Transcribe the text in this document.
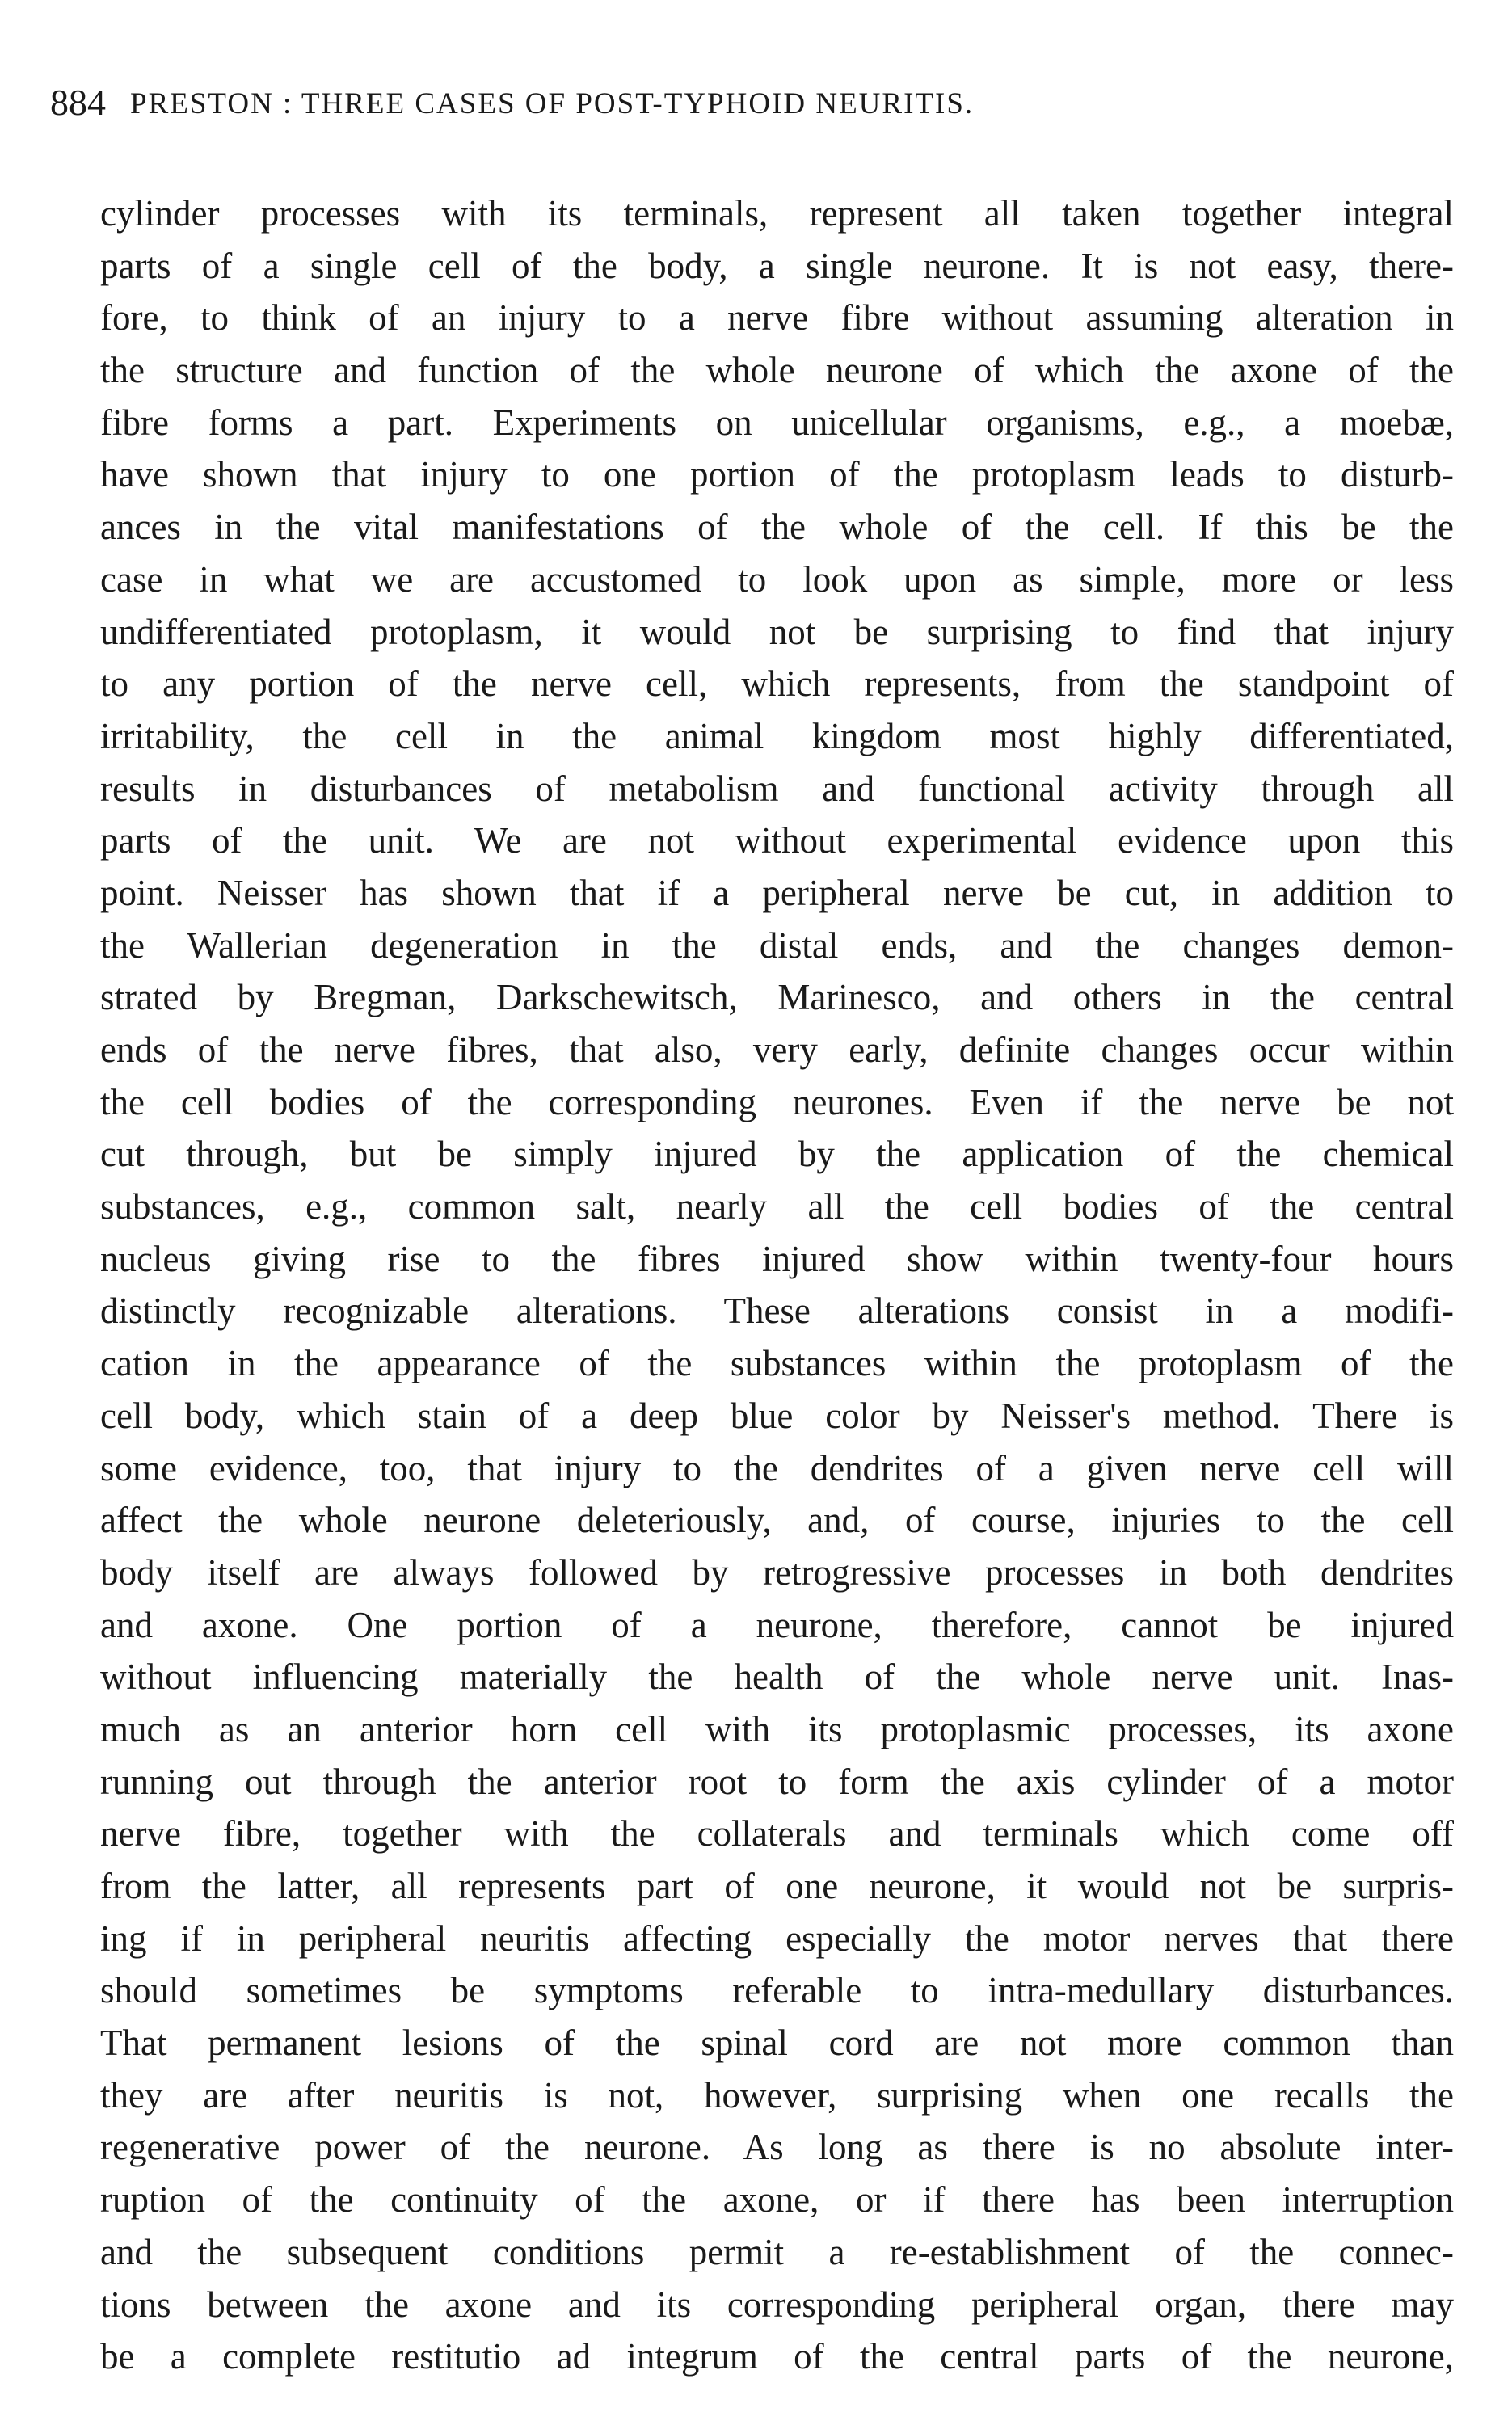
884 PRESTON : THREE CASES OF POST-TYPHOID NEURITIS.
cylinder processes with its terminals, represent all taken together integral
parts of a single cell of the body, a single neurone. It is not easy, there-
fore, to think of an injury to a nerve fibre without assuming alteration in
the structure and function of the whole neurone of which the axone of the
fibre forms a part. Experiments on unicellular organisms, e.g., a moebæ,
have shown that injury to one portion of the protoplasm leads to disturb-
ances in the vital manifestations of the whole of the cell. If this be the
case in what we are accustomed to look upon as simple, more or less
undifferentiated protoplasm, it would not be surprising to find that injury
to any portion of the nerve cell, which represents, from the standpoint of
irritability, the cell in the animal kingdom most highly differentiated,
results in disturbances of metabolism and functional activity through all
parts of the unit. We are not without experimental evidence upon this
point. Neisser has shown that if a peripheral nerve be cut, in addition to
the Wallerian degeneration in the distal ends, and the changes demon-
strated by Bregman, Darkschewitsch, Marinesco, and others in the central
ends of the nerve fibres, that also, very early, definite changes occur within
the cell bodies of the corresponding neurones. Even if the nerve be not
cut through, but be simply injured by the application of the chemical
substances, e.g., common salt, nearly all the cell bodies of the central
nucleus giving rise to the fibres injured show within twenty-four hours
distinctly recognizable alterations. These alterations consist in a modifi-
cation in the appearance of the substances within the protoplasm of the
cell body, which stain of a deep blue color by Neisser's method. There is
some evidence, too, that injury to the dendrites of a given nerve cell will
affect the whole neurone deleteriously, and, of course, injuries to the cell
body itself are always followed by retrogressive processes in both dendrites
and axone. One portion of a neurone, therefore, cannot be injured
without influencing materially the health of the whole nerve unit. Inas-
much as an anterior horn cell with its protoplasmic processes, its axone
running out through the anterior root to form the axis cylinder of a motor
nerve fibre, together with the collaterals and terminals which come off
from the latter, all represents part of one neurone, it would not be surpris-
ing if in peripheral neuritis affecting especially the motor nerves that there
should sometimes be symptoms referable to intra-medullary disturbances.
That permanent lesions of the spinal cord are not more common than
they are after neuritis is not, however, surprising when one recalls the
regenerative power of the neurone. As long as there is no absolute inter-
ruption of the continuity of the axone, or if there has been interruption
and the subsequent conditions permit a re-establishment of the connec-
tions between the axone and its corresponding peripheral organ, there may
be a complete restitutio ad integrum of the central parts of the neurone,
